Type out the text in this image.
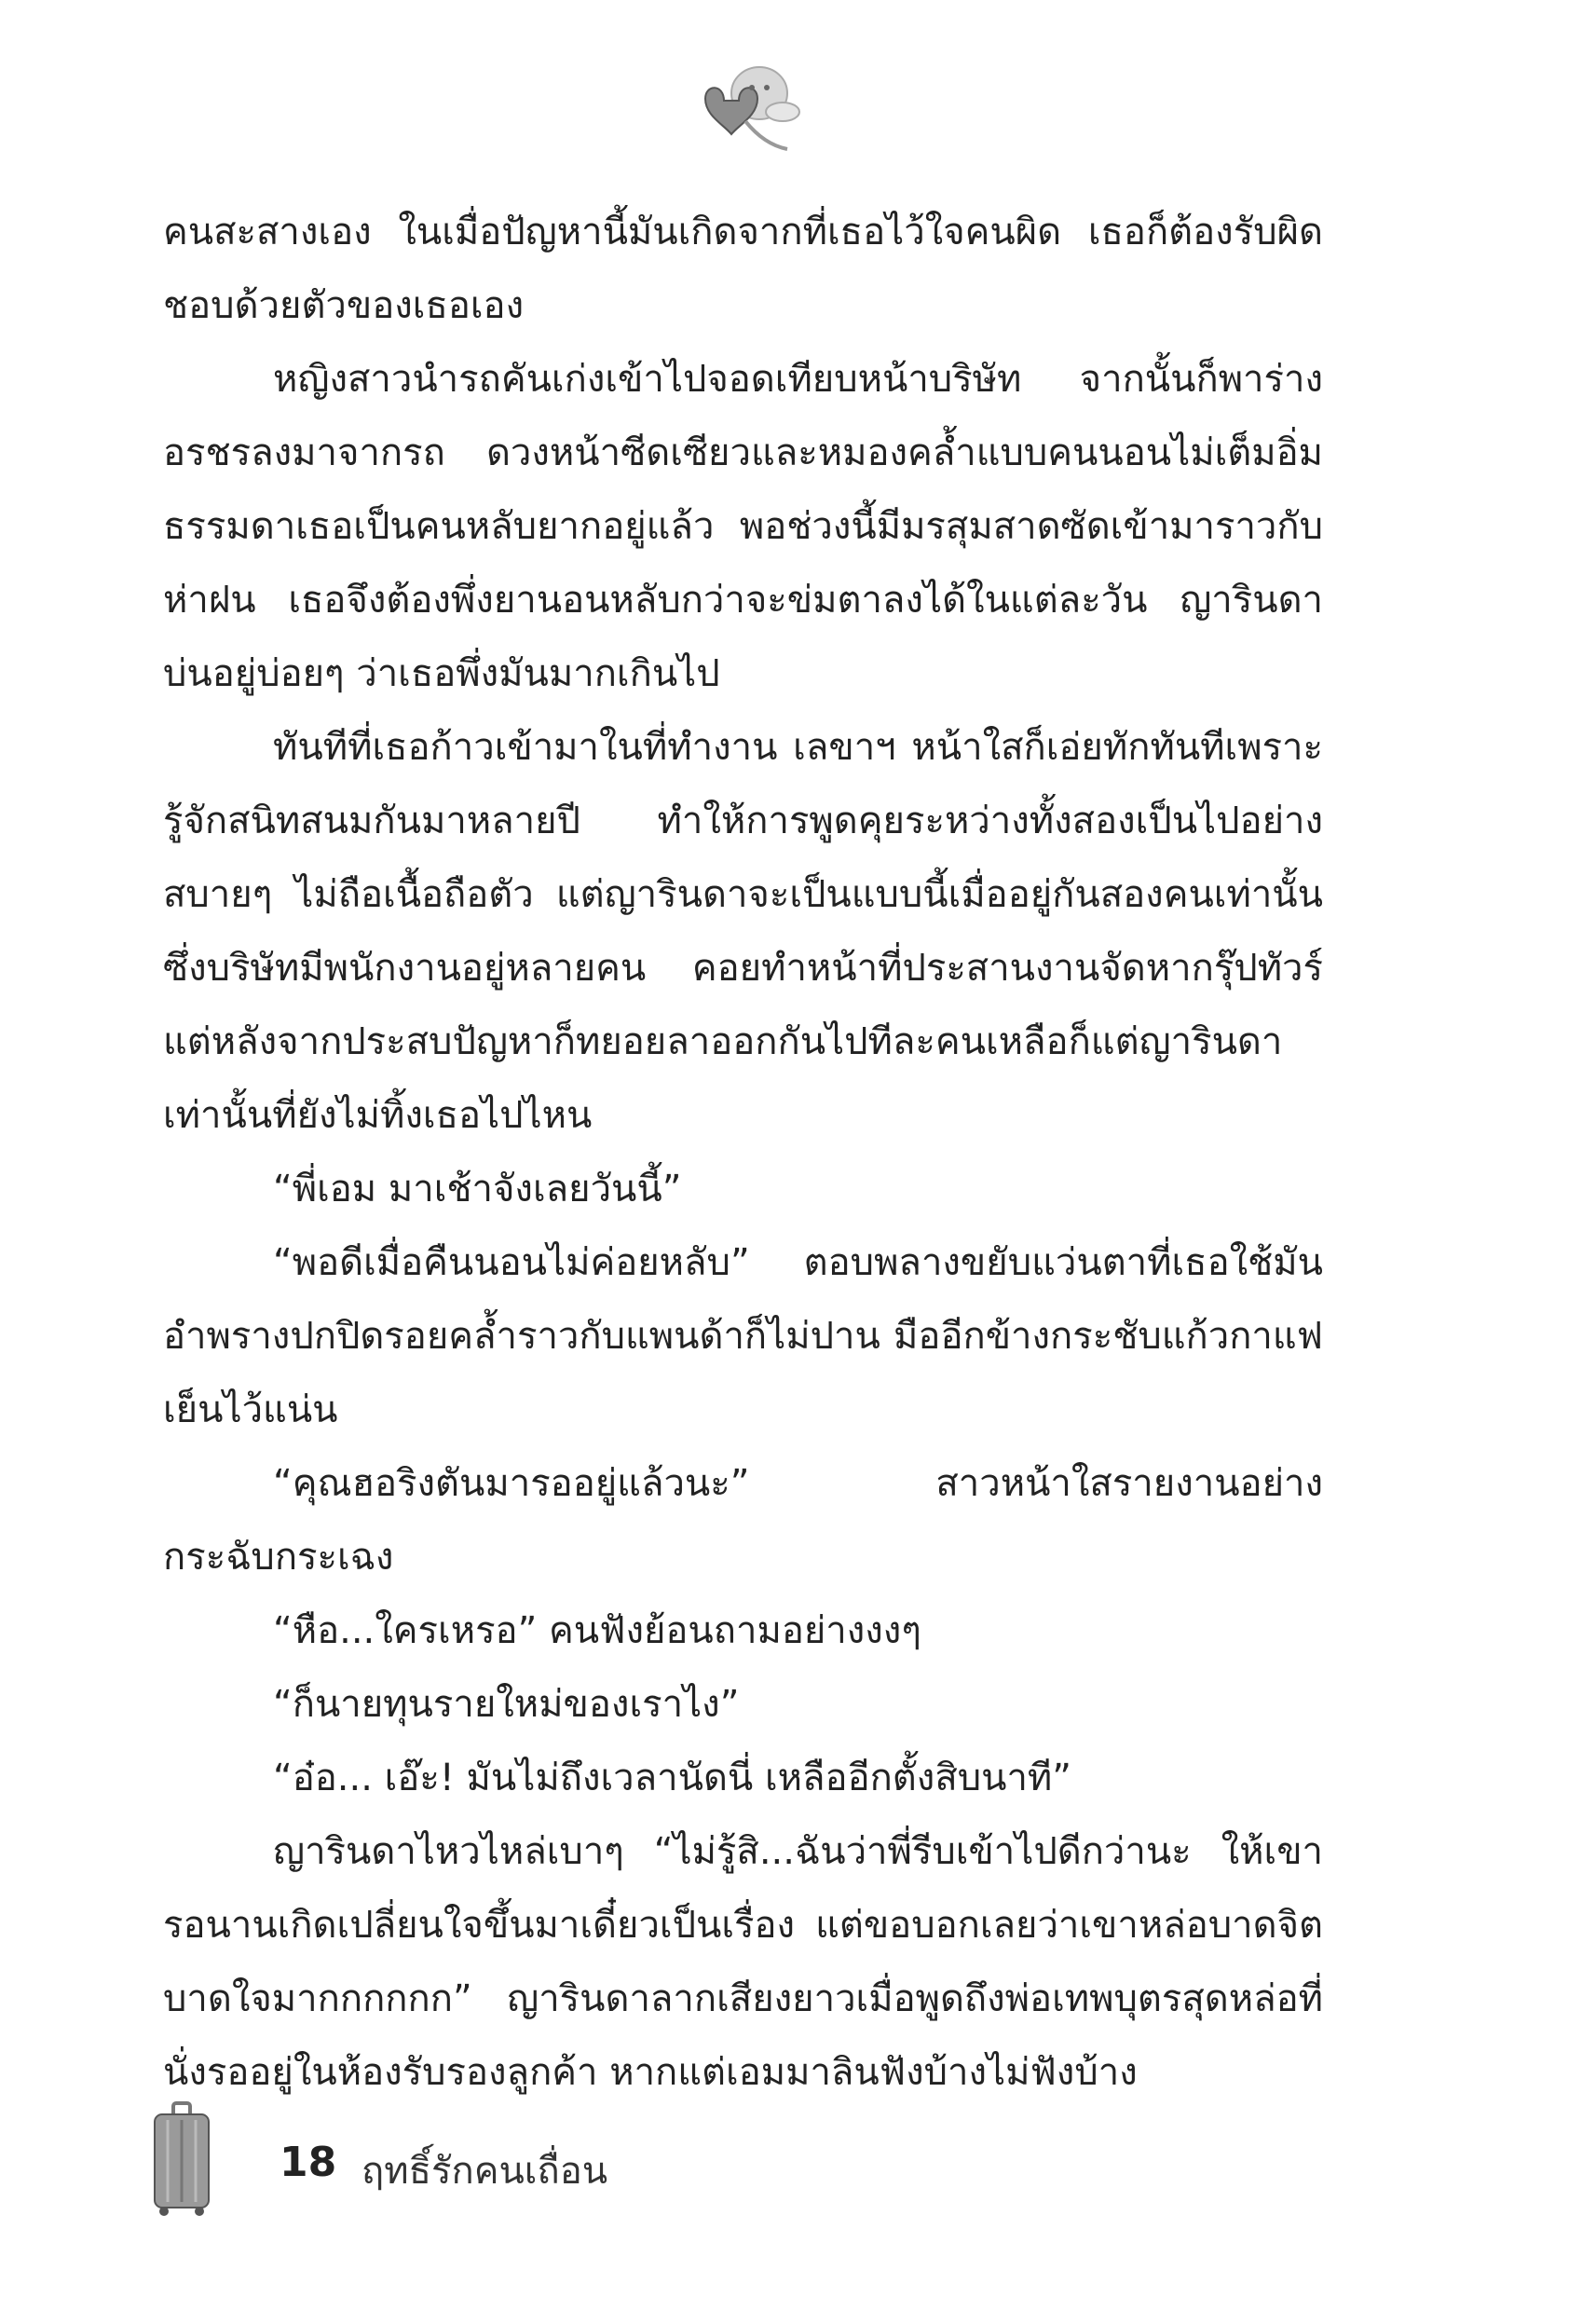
คนสะสางเอง ในเมื่อปัญหานี้มันเกิดจากที่เธอไว้ใจคนผิด เธอก็ต้องรับผิดชอบด้วยตัวของเธอเอง

หญิงสาวนำรถคันเก่งเข้าไปจอดเทียบหน้าบริษัท จากนั้นก็พาร่างอรชรลงมาจากรถ ดวงหน้าซีดเซียวและหมองคล้ำแบบคนนอนไม่เต็มอิ่ม ธรรมดาเธอเป็นคนหลับยากอยู่แล้ว พอช่วงนี้มีมรสุมสาดซัดเข้ามาราวกับห่าฝน เธอจึงต้องพึ่งยานอนหลับกว่าจะข่มตาลงได้ในแต่ละวัน ญารินดาบ่นอยู่บ่อยๆ ว่าเธอพึ่งมันมากเกินไป

ทันทีที่เธอก้าวเข้ามาในที่ทำงาน เลขาฯ หน้าใสก็เอ่ยทักทันทีเพราะรู้จักสนิทสนมกันมาหลายปี ทำให้การพูดคุยระหว่างทั้งสองเป็นไปอย่างสบายๆ ไม่ถือเนื้อถือตัว แต่ญารินดาจะเป็นแบบนี้เมื่ออยู่กันสองคนเท่านั้น ซึ่งบริษัทมีพนักงานอยู่หลายคน คอยทำหน้าที่ประสานงานจัดหากรุ๊ปทัวร์ แต่หลังจากประสบปัญหาก็ทยอยลาออกกันไปทีละคนเหลือก็แต่ญารินดาเท่านั้นที่ยังไม่ทิ้งเธอไปไหน

“พี่เอม มาเช้าจังเลยวันนี้”

“พอดีเมื่อคืนนอนไม่ค่อยหลับ” ตอบพลางขยับแว่นตาที่เธอใช้มันอำพรางปกปิดรอยคล้ำราวกับแพนด้าก็ไม่ปาน มืออีกข้างกระชับแก้วกาแฟเย็นไว้แน่น

“คุณฮอริงตันมารออยู่แล้วนะ” สาวหน้าใสรายงานอย่างกระฉับกระเฉง

“หือ...ใครเหรอ” คนฟังย้อนถามอย่างงงๆ

“ก็นายทุนรายใหม่ของเราไง”

“อ๋อ... เอ๊ะ! มันไม่ถึงเวลานัดนี่ เหลืออีกตั้งสิบนาที”

ญารินดาไหวไหล่เบาๆ “ไม่รู้สิ...ฉันว่าพี่รีบเข้าไปดีกว่านะ ให้เขารอนานเกิดเปลี่ยนใจขึ้นมาเดี๋ยวเป็นเรื่อง แต่ขอบอกเลยว่าเขาหล่อบาดจิตบาดใจมากกกกกก” ญารินดาลากเสียงยาวเมื่อพูดถึงพ่อเทพบุตรสุดหล่อที่นั่งรออยู่ในห้องรับรองลูกค้า หากแต่เอมมาลินฟังบ้างไม่ฟังบ้าง

18 ฤทธิ์รักคนเถื่อน
